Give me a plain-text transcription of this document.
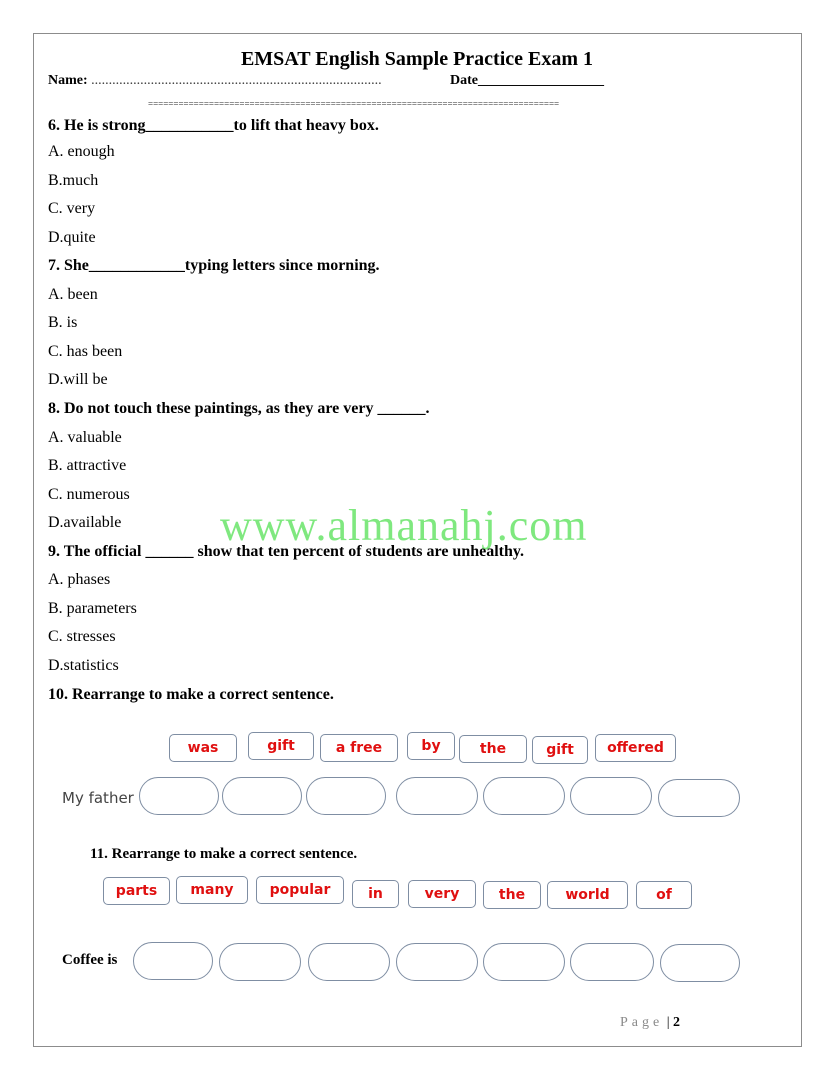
EMSAT English Sample Practice Exam 1
Name: ...................................................................................	Date__________________
=================================================================================
6. He is strong___________to lift that heavy box.
A. enough
B.much
C. very
D.quite
7. She____________typing letters since morning.
A. been
B. is
C. has been
D.will be
8. Do not touch these paintings, as they are very ______.
A. valuable
B. attractive
C. numerous
D.available www.almanahj.com
9. The official ______ show that ten percent of students are unhealthy.
A. phases
B. parameters
C. stresses
D.statistics
10. Rearrange to make a correct sentence.
was	gift	a free	by	the	gift	offered
My father
11. Rearrange to make a correct sentence.
parts	many	popular	in	very	the	world	of
Coffee is
Page | 2
